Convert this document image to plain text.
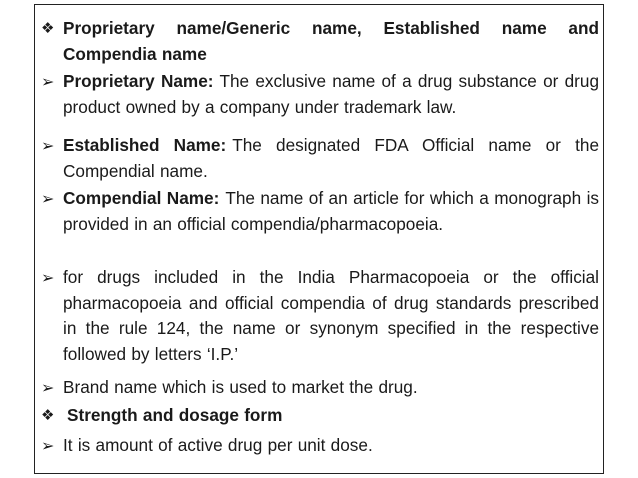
❖ Proprietary name/Generic name, Established name and Compendia name
➢ Proprietary Name: The exclusive name of a drug substance or drug product owned by a company under trademark law.
➢ Established Name: The designated FDA Official name or the Compendial name.
➢ Compendial Name: The name of an article for which a monograph is provided in an official compendia/pharmacopoeia.
➢ for drugs included in the India Pharmacopoeia or the official pharmacopoeia and official compendia of drug standards prescribed in the rule 124, the name or synonym specified in the respective followed by letters ‘I.P.’
➢ Brand name which is used to market the drug.
❖ Strength and dosage form
➢ It is amount of active drug per unit dose.
